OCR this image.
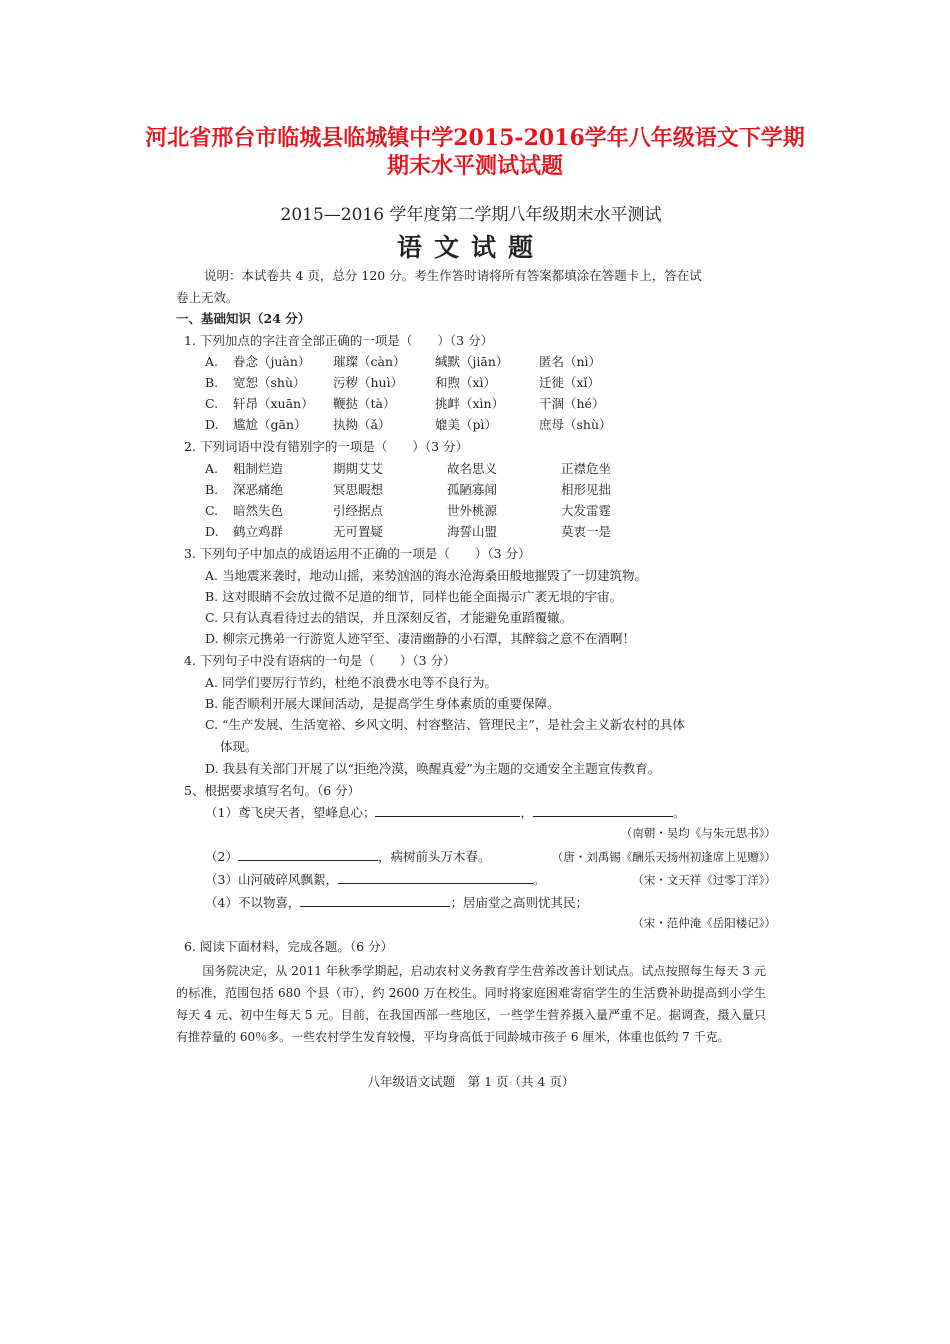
河北省邢台市临城县临城镇中学2015-2016学年八年级语文下学期
期末水平测试试题
2015—2016 学年度第二学期八年级期末水平测试
语文试题
说明：本试卷共 4 页，总分 120 分。考生作答时请将所有答案都填涂在答题卡上，答在试
卷上无效。
一、基础知识（24 分）
1. 下列加点的字注音全部正确的一项是（　　）（3 分）
A. 眷念（juàn） 璀璨（càn） 缄默（jiān） 匿名（nì）
B. 宽恕（shù） 污秽（huì）	和煦（xì）	迁徙（xǐ）
C. 轩昂（xuān） 鞭挞（tà）	挑衅（xìn）	干涸（hé）
D. 尴尬（gān） 执拗（ǎ）	媲美（pì）	庶母（shù）
2. 下列词语中没有错别字的一项是（　　）（3 分）
A. 粗制烂造	期期艾艾	故名思义	正襟危坐
B. 深恶痛绝	冥思暇想	孤陋寡闻	相形见拙
C. 暗然失色	引经据点	世外桃源	大发雷霆
D. 鹤立鸡群	无可置疑	海誓山盟	莫衷一是
3. 下列句子中加点的成语运用不正确的一项是（　　）（3 分）
A. 当地震来袭时，地动山摇，来势汹汹的海水沧海桑田般地摧毁了一切建筑物。
B. 这对眼睛不会放过微不足道的细节，同样也能全面揭示广袤无垠的宇宙。
C. 只有认真看待过去的错误，并且深刻反省，才能避免重蹈覆辙。
D. 柳宗元携弟一行游览人迹罕至、凄清幽静的小石潭，其醉翁之意不在酒啊！
4. 下列句子中没有语病的一句是（　　）（3 分）
A. 同学们要厉行节约，杜绝不浪费水电等不良行为。
B. 能否顺利开展大课间活动，是提高学生身体素质的重要保障。
C. “生产发展、生活宽裕、乡风文明、村容整洁、管理民主”，是社会主义新农村的具体
体现。
D. 我县有关部门开展了以“拒绝冷漠，唤醒真爱”为主题的交通安全主题宣传教育。
5、根据要求填写名句。（6 分）
（1）鸢飞戾天者，望峰息心；	，	。
（南朝・吴均《与朱元思书》）
（2）	，病树前头万木春。	（唐・刘禹锡《酬乐天扬州初逢席上见赠》）
（3）山河破碎风飘絮，	。	（宋・文天祥《过零丁洋》）
（4）不以物喜，	；居庙堂之高则忧其民；
（宋・范仲淹《岳阳楼记》）
6. 阅读下面材料，完成各题。（6 分）
国务院决定，从 2011 年秋季学期起，启动农村义务教育学生营养改善计划试点。试点按照每生每天 3 元的标准，范围包括 680 个县（市），约 2600 万在校生。同时将家庭困难寄宿学生的生活费补助提高到小学生每天 4 元、初中生每天 5 元。目前，在我国西部一些地区，一些学生营养摄入量严重不足。据调查，摄入量只有推荐量的 60％多。一些农村学生发育较慢，平均身高低于同龄城市孩子 6 厘米，体重也低约 7 千克。
八年级语文试题　第 1 页（共 4 页）
